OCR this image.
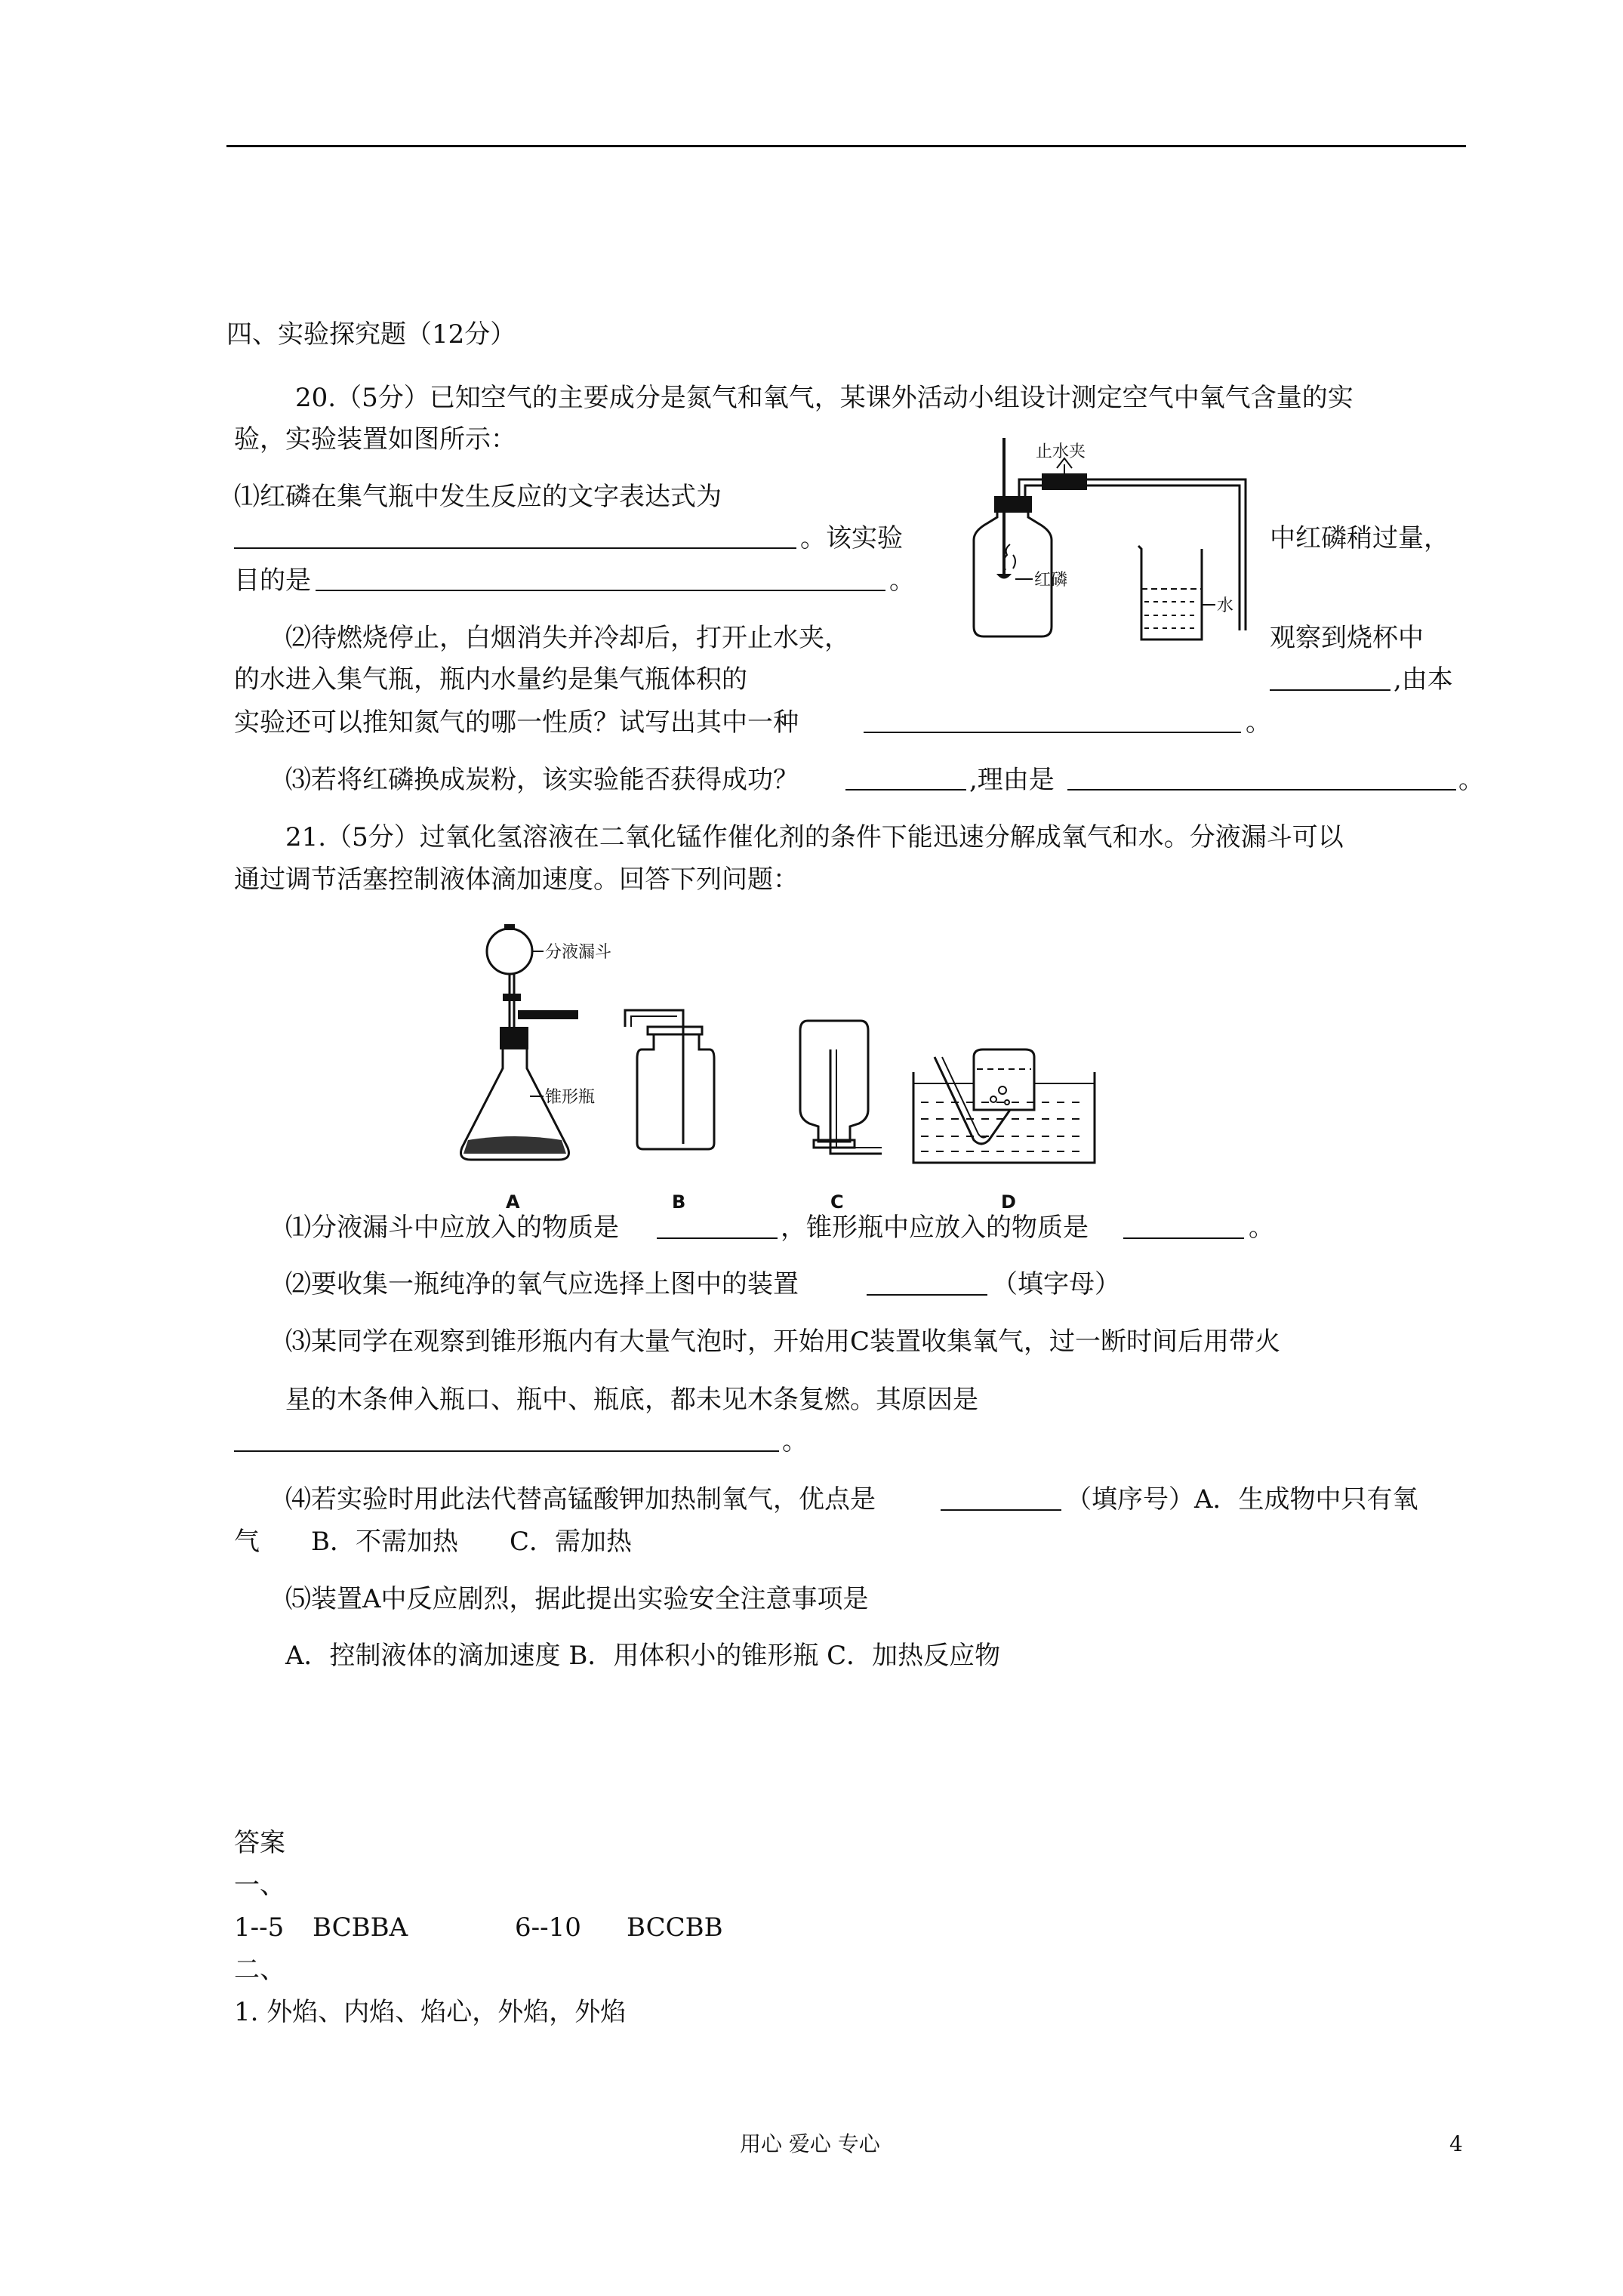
四、实验探究题（12分）
20.（5分）已知空气的主要成分是氮气和氧气，某课外活动小组设计测定空气中氧气含量的实
验，实验装置如图所示：
⑴红磷在集气瓶中发生反应的文字表达式为
。该实验	中红磷稍过量，
目的是	。
⑵待燃烧停止，白烟消失并冷却后，打开止水夹，	观察到烧杯中
的水进入集气瓶，瓶内水量约是集气瓶体积的	,由本
实验还可以推知氮气的哪一性质？试写出其中一种	。
⑶若将红磷换成炭粉，该实验能否获得成功？	,理由是	。
红磷
止水夹
水
21.（5分）过氧化氢溶液在二氧化锰作催化剂的条件下能迅速分解成氧气和水。分液漏斗可以
通过调节活塞控制液体滴加速度。回答下列问题：
分液漏斗
锥形瓶
A	B	C	D
⑴分液漏斗中应放入的物质是	，锥形瓶中应放入的物质是	。
⑵要收集一瓶纯净的氧气应选择上图中的装置	（填字母）
⑶某同学在观察到锥形瓶内有大量气泡时，开始用C装置收集氧气，过一断时间后用带火
星的木条伸入瓶口、瓶中、瓶底，都未见木条复燃。其原因是
。
⑷若实验时用此法代替高锰酸钾加热制氧气，优点是	（填序号）A．生成物中只有氧
气　　B．不需加热　　C．需加热
⑸装置A中反应剧烈，据此提出实验安全注意事项是
A．控制液体的滴加速度 B．用体积小的锥形瓶 C．加热反应物
答案
一、
1--5 BCBBA	6--10 BCCBB
二、
1. 外焰、内焰、焰心，外焰，外焰
用心 爱心 专心	4
